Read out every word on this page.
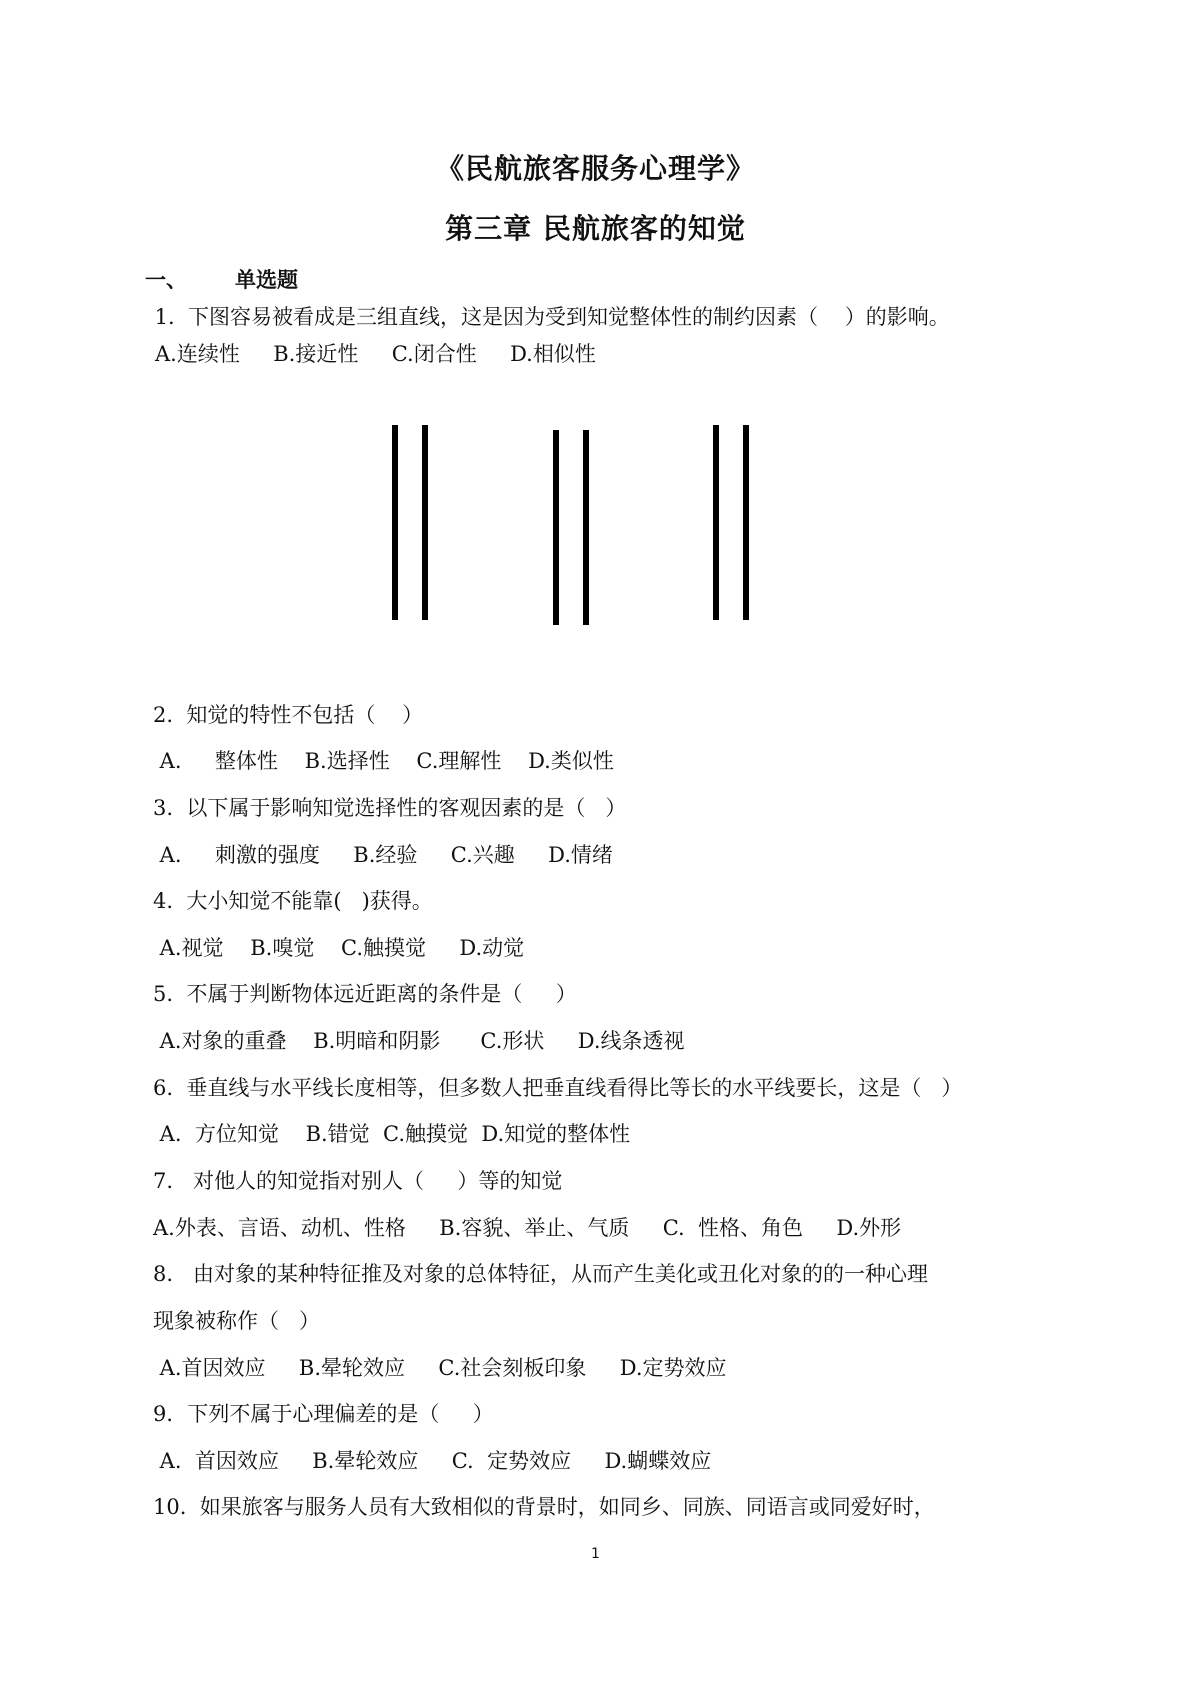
《民航旅客服务心理学》
第三章 民航旅客的知觉
一、 单选题
1.  下图容易被看成是三组直线，这是因为受到知觉整体性的制约因素（    ）的影响。
A.连续性     B.接近性     C.闭合性     D.相似性
2.  知觉的特性不包括（    ）
A.     整体性    B.选择性    C.理解性    D.类似性
3.  以下属于影响知觉选择性的客观因素的是（   ）
A.     刺激的强度     B.经验     C.兴趣     D.情绪
4.  大小知觉不能靠(   )获得。
A.视觉    B.嗅觉    C.触摸觉     D.动觉
5.  不属于判断物体远近距离的条件是（     ）
A.对象的重叠    B.明暗和阴影      C.形状     D.线条透视
6.  垂直线与水平线长度相等，但多数人把垂直线看得比等长的水平线要长，这是（   ）
A.  方位知觉    B.错觉  C.触摸觉  D.知觉的整体性
7.   对他人的知觉指对别人（     ）等的知觉
A.外表、言语、动机、性格     B.容貌、举止、气质     C.  性格、角色     D.外形
8.   由对象的某种特征推及对象的总体特征，从而产生美化或丑化对象的的一种心理
现象被称作（   ）
A.首因效应     B.晕轮效应     C.社会刻板印象     D.定势效应
9．下列不属于心理偏差的是（     ）
A.  首因效应     B.晕轮效应     C.  定势效应     D.蝴蝶效应
10.  如果旅客与服务人员有大致相似的背景时，如同乡、同族、同语言或同爱好时，
1
